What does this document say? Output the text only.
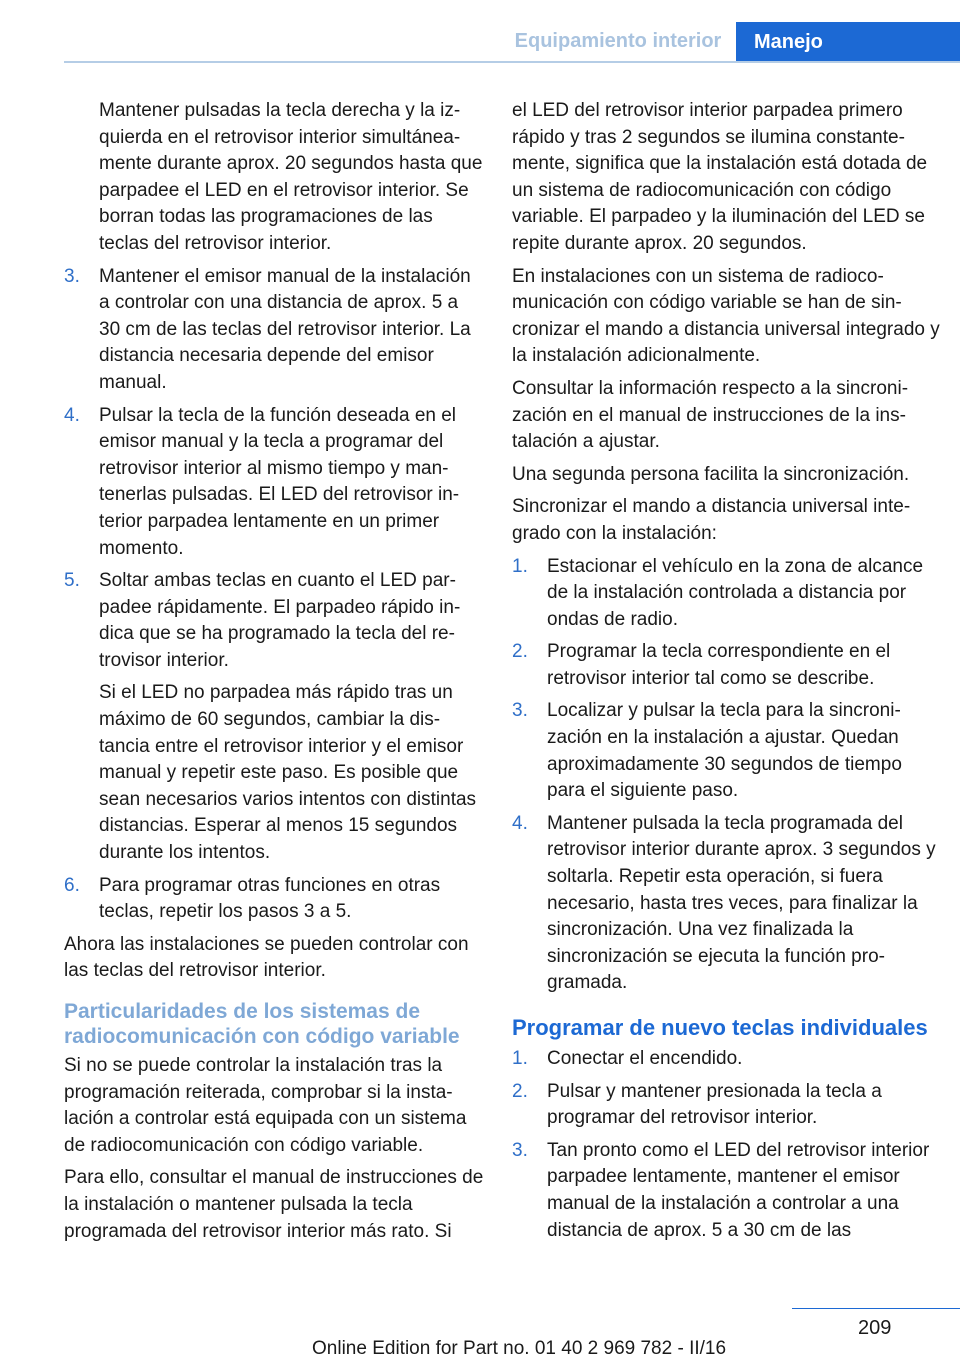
Equipamiento interior	Manejo

Mantener pulsadas la tecla derecha y la izquierda en el retrovisor interior simultáneamente durante aprox. 20 segundos hasta que parpadee el LED en el retrovisor interior. Se borran todas las programaciones de las teclas del retrovisor interior.

3. Mantener el emisor manual de la instalación a controlar con una distancia de aprox. 5 a 30 cm de las teclas del retrovisor interior. La distancia necesaria depende del emisor manual.
4. Pulsar la tecla de la función deseada en el emisor manual y la tecla a programar del retrovisor interior al mismo tiempo y mantenerlas pulsadas. El LED del retrovisor interior parpadea lentamente en un primer momento.
5. Soltar ambas teclas en cuanto el LED parpadee rápidamente. El parpadeo rápido indica que se ha programado la tecla del retrovisor interior.

Si el LED no parpadea más rápido tras un máximo de 60 segundos, cambiar la distancia entre el retrovisor interior y el emisor manual y repetir este paso. Es posible que sean necesarios varios intentos con distintas distancias. Esperar al menos 15 segundos durante los intentos.

6. Para programar otras funciones en otras teclas, repetir los pasos 3 a 5.

Ahora las instalaciones se pueden controlar con las teclas del retrovisor interior.

Particularidades de los sistemas de radiocomunicación con código variable

Si no se puede controlar la instalación tras la programación reiterada, comprobar si la instalación a controlar está equipada con un sistema de radiocomunicación con código variable.

Para ello, consultar el manual de instrucciones de la instalación o mantener pulsada la tecla programada del retrovisor interior más rato. Si

el LED del retrovisor interior parpadea primero rápido y tras 2 segundos se ilumina constantemente, significa que la instalación está dotada de un sistema de radiocomunicación con código variable. El parpadeo y la iluminación del LED se repite durante aprox. 20 segundos.

En instalaciones con un sistema de radiocomunicación con código variable se han de sincronizar el mando a distancia universal integrado y la instalación adicionalmente.

Consultar la información respecto a la sincronización en el manual de instrucciones de la instalación a ajustar.

Una segunda persona facilita la sincronización.

Sincronizar el mando a distancia universal integrado con la instalación:

1. Estacionar el vehículo en la zona de alcance de la instalación controlada a distancia por ondas de radio.
2. Programar la tecla correspondiente en el retrovisor interior tal como se describe.
3. Localizar y pulsar la tecla para la sincronización en la instalación a ajustar. Quedan aproximadamente 30 segundos de tiempo para el siguiente paso.
4. Mantener pulsada la tecla programada del retrovisor interior durante aprox. 3 segundos y soltarla. Repetir esta operación, si fuera necesario, hasta tres veces, para finalizar la sincronización. Una vez finalizada la sincronización se ejecuta la función programada.
Programar de nuevo teclas individuales
1. Conectar el encendido.
2. Pulsar y mantener presionada la tecla a programar del retrovisor interior.
3. Tan pronto como el LED del retrovisor interior parpadee lentamente, mantener el emisor manual de la instalación a controlar a una distancia de aprox. 5 a 30 cm de las
209
Online Edition for Part no. 01 40 2 969 782 - II/16
